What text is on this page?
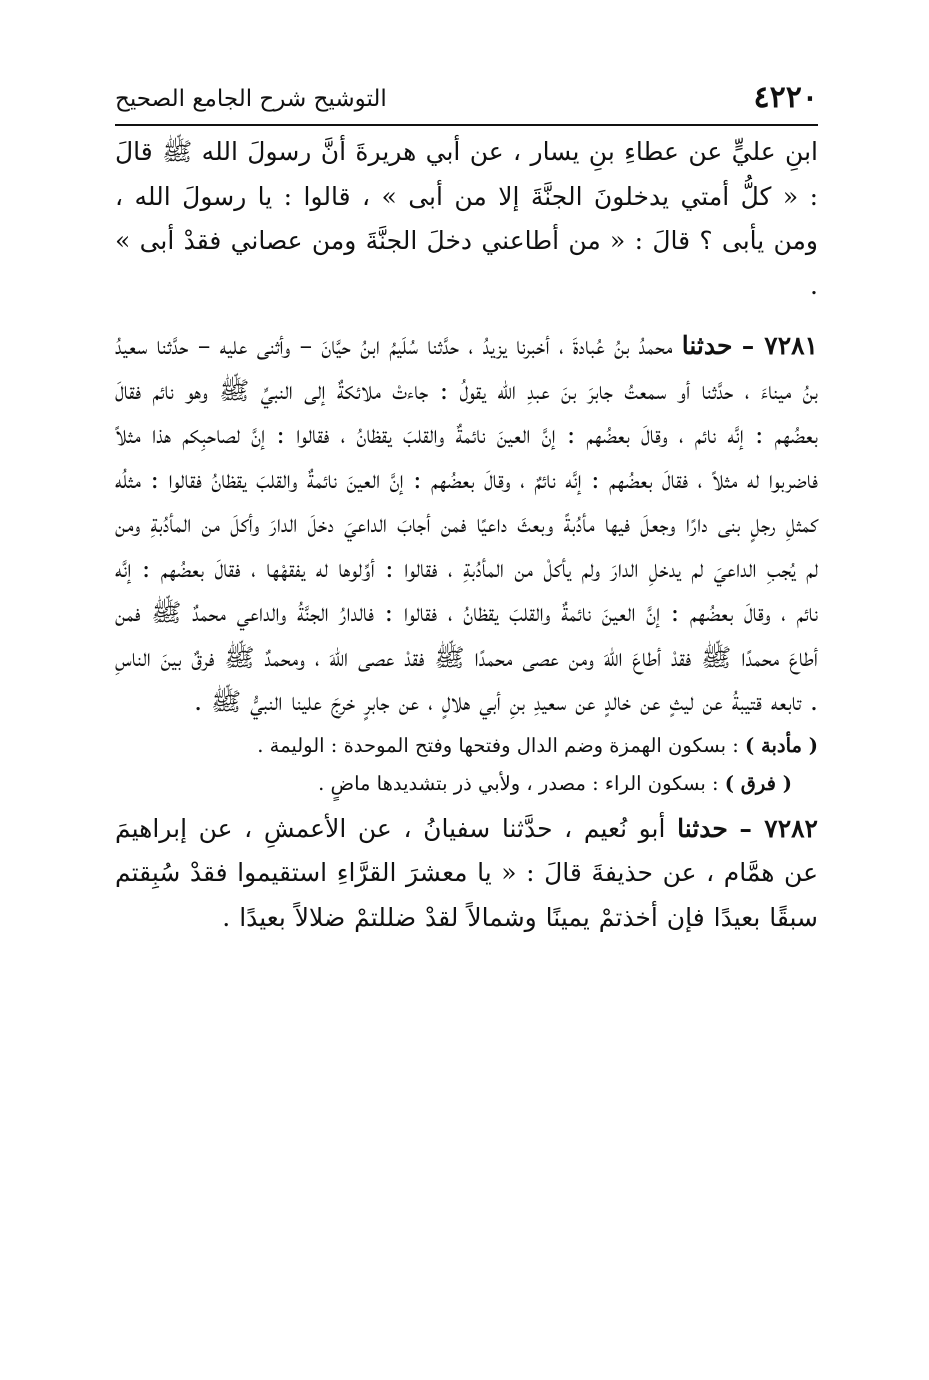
٤٢٢٠
التوشيح شرح الجامع الصحيح

ابنِ عليٍّ عن عطاءِ بنِ يسار ، عن أبي هريرةَ أنَّ رسولَ الله ﷺ قالَ : « كلُّ أمتي يدخلونَ الجنَّةَ إلا من أبى » ، قالوا : يا رسولَ الله ، ومن يأبى ؟ قالَ : « من أطاعني دخلَ الجنَّةَ ومن عصاني فقدْ أبى » .

٧٢٨١ – حدثنا محمدُ بنُ عُبادةَ ، أخبرنا يزيدُ ، حدَّثنا سُلَيمُ ابنُ حيَّانَ – وأثنى عليه – حدَّثنا سعيدُ بنُ ميناءَ ، حدَّثنا أو سمعتُ جابرَ بنَ عبدِ الله يقولُ : جاءتْ ملائكةٌ إلى النبيِّ ﷺ وهو نائم فقالَ بعضُهم : إنَّه نائم ، وقالَ بعضُهم : إنَّ العينَ نائمةٌ والقلبَ يقظانُ ، فقالوا : إنَّ لصاحبِكم هذا مثلاً فاضربوا له مثلاً ، فقالَ بعضُهم : إنَّه نائمٌ ، وقالَ بعضُهم : إنَّ العينَ نائمةٌ والقلبَ يقظانُ فقالوا : مثلُه كمثلِ رجلٍ بنى دارًا وجعلَ فيها مأدُبةً وبعثَ داعيًا فمن أجابَ الداعيَ دخلَ الدارَ وأكلَ من المأدُبةِ ومن لم يُجبِ الداعيَ لم يدخلِ الدارَ ولم يأكلْ من المأدُبةِ ، فقالوا : أوِّلوها له يفقهْها ، فقالَ بعضُهم : إنَّه نائم ، وقالَ بعضُهم : إنَّ العينَ نائمةٌ والقلبَ يقظانُ ، فقالوا : فالدارُ الجنَّةُ والداعي محمدٌ ﷺ فمن أطاعَ محمدًا ﷺ فقدْ أطاعَ اللهَ ومن عصى محمدًا ﷺ فقدْ عصى اللهَ ، ومحمدٌ ﷺ فرقٌ بينَ الناسِ . تابعه قتيبةُ عن ليثٍ عن خالدٍ عن سعيدِ بنِ أبي هلالٍ ، عن جابرٍ خرجَ علينا النبيُّ ﷺ .

( مأدبة ) : بسكون الهمزة وضم الدال وفتحها وفتح الموحدة : الوليمة .

( فرق ) : بسكون الراء : مصدر ، ولأبي ذر بتشديدها ماضٍ .

٧٢٨٢ – حدثنا أبو نُعيم ، حدَّثنا سفيانُ ، عن الأعمشِ ، عن إبراهيمَ عن همَّام ، عن حذيفةَ قالَ : « يا معشرَ القرَّاءِ استقيموا فقدْ سُبِقتم سبقًا بعيدًا فإن أخذتمْ يمينًا وشمالاً لقدْ ضللتمْ ضلالاً بعيدًا .
